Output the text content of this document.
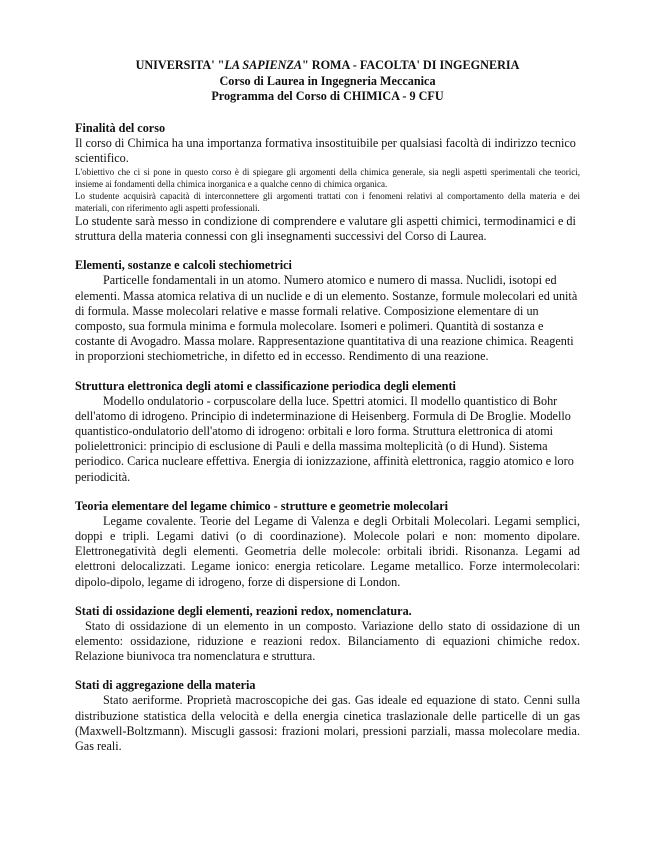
UNIVERSITA' "LA SAPIENZA" ROMA - FACOLTA' DI INGEGNERIA
Corso di Laurea in Ingegneria Meccanica
Programma del Corso di CHIMICA - 9 CFU
Finalità del corso

Il corso di Chimica ha una importanza formativa insostituibile per qualsiasi facoltà di indirizzo tecnico scientifico.

L'obiettivo che ci si pone in questo corso è di spiegare gli argomenti della chimica generale, sia negli aspetti sperimentali che teorici, insieme ai fondamenti della chimica inorganica e a qualche cenno di chimica organica.

Lo studente acquisirà capacità di interconnettere gli argomenti trattati con i fenomeni relativi al comportamento della materia e dei materiali, con riferimento agli aspetti professionali.

Lo studente sarà messo in condizione di comprendere e valutare gli aspetti chimici, termodinamici e di struttura della materia connessi con gli insegnamenti successivi del Corso di Laurea.

Elementi, sostanze e calcoli stechiometrici

Particelle fondamentali in un atomo. Numero atomico e numero di massa. Nuclidi, isotopi ed elementi. Massa atomica relativa di un nuclide e di un elemento. Sostanze, formule molecolari ed unità di formula. Masse molecolari relative e masse formali relative. Composizione elementare di un composto, sua formula minima e formula molecolare. Isomeri e polimeri. Quantità di sostanza e costante di Avogadro. Massa molare. Rappresentazione quantitativa di una reazione chimica. Reagenti in proporzioni stechiometriche, in difetto ed in eccesso. Rendimento di una reazione.

Struttura elettronica degli atomi e classificazione periodica degli elementi

Modello ondulatorio - corpuscolare della luce. Spettri atomici. Il modello quantistico di Bohr dell'atomo di idrogeno. Principio di indeterminazione di Heisenberg. Formula di De Broglie. Modello quantistico-ondulatorio dell'atomo di idrogeno: orbitali e loro forma. Struttura elettronica di atomi polielettronici: principio di esclusione di Pauli e della massima molteplicità (o di Hund). Sistema periodico. Carica nucleare effettiva. Energia di ionizzazione, affinità elettronica, raggio atomico e loro periodicità.

Teoria elementare del legame chimico - strutture e geometrie molecolari

Legame covalente. Teorie del Legame di Valenza e degli Orbitali Molecolari. Legami semplici, doppi e tripli. Legami dativi (o di coordinazione). Molecole polari e non: momento dipolare. Elettronegatività degli elementi. Geometria delle molecole: orbitali ibridi. Risonanza. Legami ad elettroni delocalizzati. Legame ionico: energia reticolare. Legame metallico. Forze intermolecolari: dipolo-dipolo, legame di idrogeno, forze di dispersione di London.

Stati di ossidazione degli elementi, reazioni redox, nomenclatura.

Stato di ossidazione di un elemento in un composto. Variazione dello stato di ossidazione di un elemento: ossidazione, riduzione e reazioni redox. Bilanciamento di equazioni chimiche redox. Relazione biunivoca tra nomenclatura e struttura.

Stati di aggregazione della materia

Stato aeriforme. Proprietà macroscopiche dei gas. Gas ideale ed equazione di stato. Cenni sulla distribuzione statistica della velocità e della energia cinetica traslazionale delle particelle di un gas (Maxwell-Boltzmann). Miscugli gassosi: frazioni molari, pressioni parziali, massa molecolare media. Gas reali.
